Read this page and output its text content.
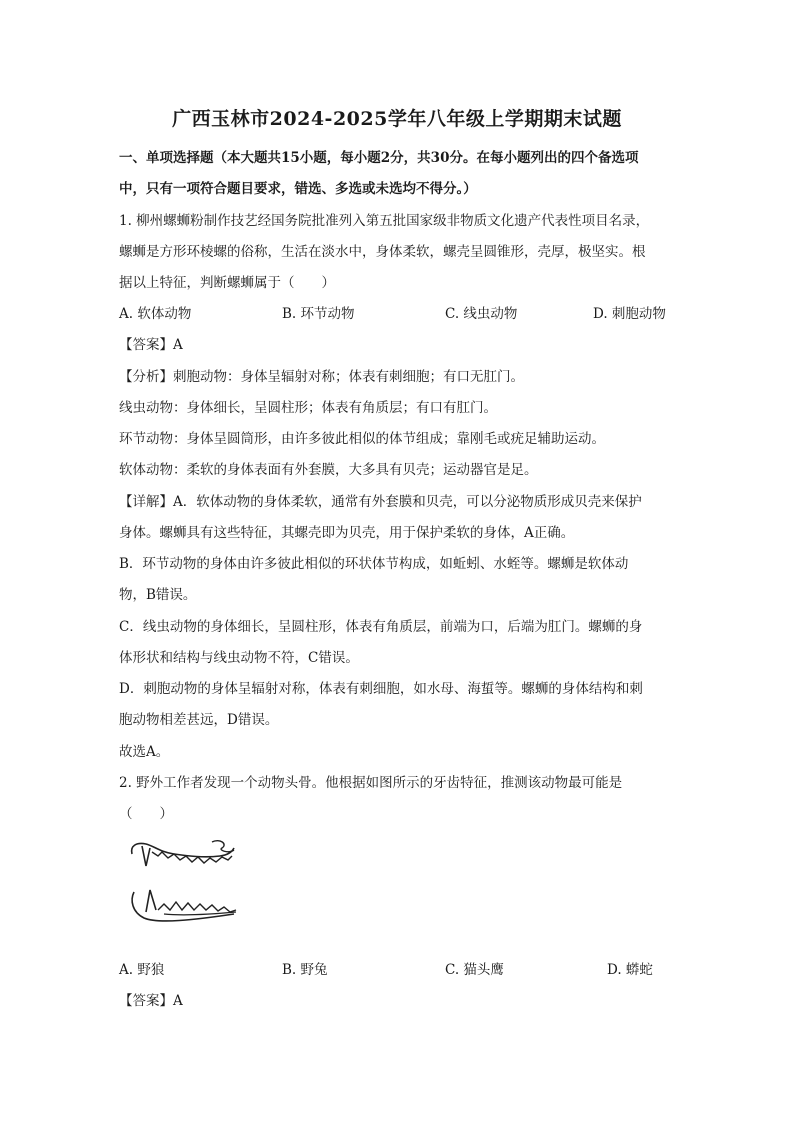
广西玉林市2024-2025学年八年级上学期期末试题
一、单项选择题（本大题共15小题，每小题2分，共30分。在每小题列出的四个备选项
中，只有一项符合题目要求，错选、多选或未选均不得分。）
1. 柳州螺蛳粉制作技艺经国务院批准列入第五批国家级非物质文化遗产代表性项目名录，
螺蛳是方形环棱螺的俗称，生活在淡水中，身体柔软，螺壳呈圆锥形，壳厚，极坚实。根
据以上特征，判断螺蛳属于（　　）
A. 软体动物	B. 环节动物	C. 线虫动物	D. 刺胞动物
【答案】A
【分析】刺胞动物：身体呈辐射对称；体表有刺细胞；有口无肛门。
线虫动物：身体细长，呈圆柱形；体表有角质层；有口有肛门。
环节动物：身体呈圆筒形，由许多彼此相似的体节组成；靠刚毛或疣足辅助运动。
软体动物：柔软的身体表面有外套膜，大多具有贝壳；运动器官是足。
【详解】A．软体动物的身体柔软，通常有外套膜和贝壳，可以分泌物质形成贝壳来保护
身体。螺蛳具有这些特征，其螺壳即为贝壳，用于保护柔软的身体，A正确。
B．环节动物的身体由许多彼此相似的环状体节构成，如蚯蚓、水蛭等。螺蛳是软体动
物，B错误。
C．线虫动物的身体细长，呈圆柱形，体表有角质层，前端为口，后端为肛门。螺蛳的身
体形状和结构与线虫动物不符，C错误。
D．刺胞动物的身体呈辐射对称，体表有刺细胞，如水母、海蜇等。螺蛳的身体结构和刺
胞动物相差甚远，D错误。
故选A。
2. 野外工作者发现一个动物头骨。他根据如图所示的牙齿特征，推测该动物最可能是
（　　）
A. 野狼	B. 野兔	C. 猫头鹰	D. 蟒蛇
【答案】A
